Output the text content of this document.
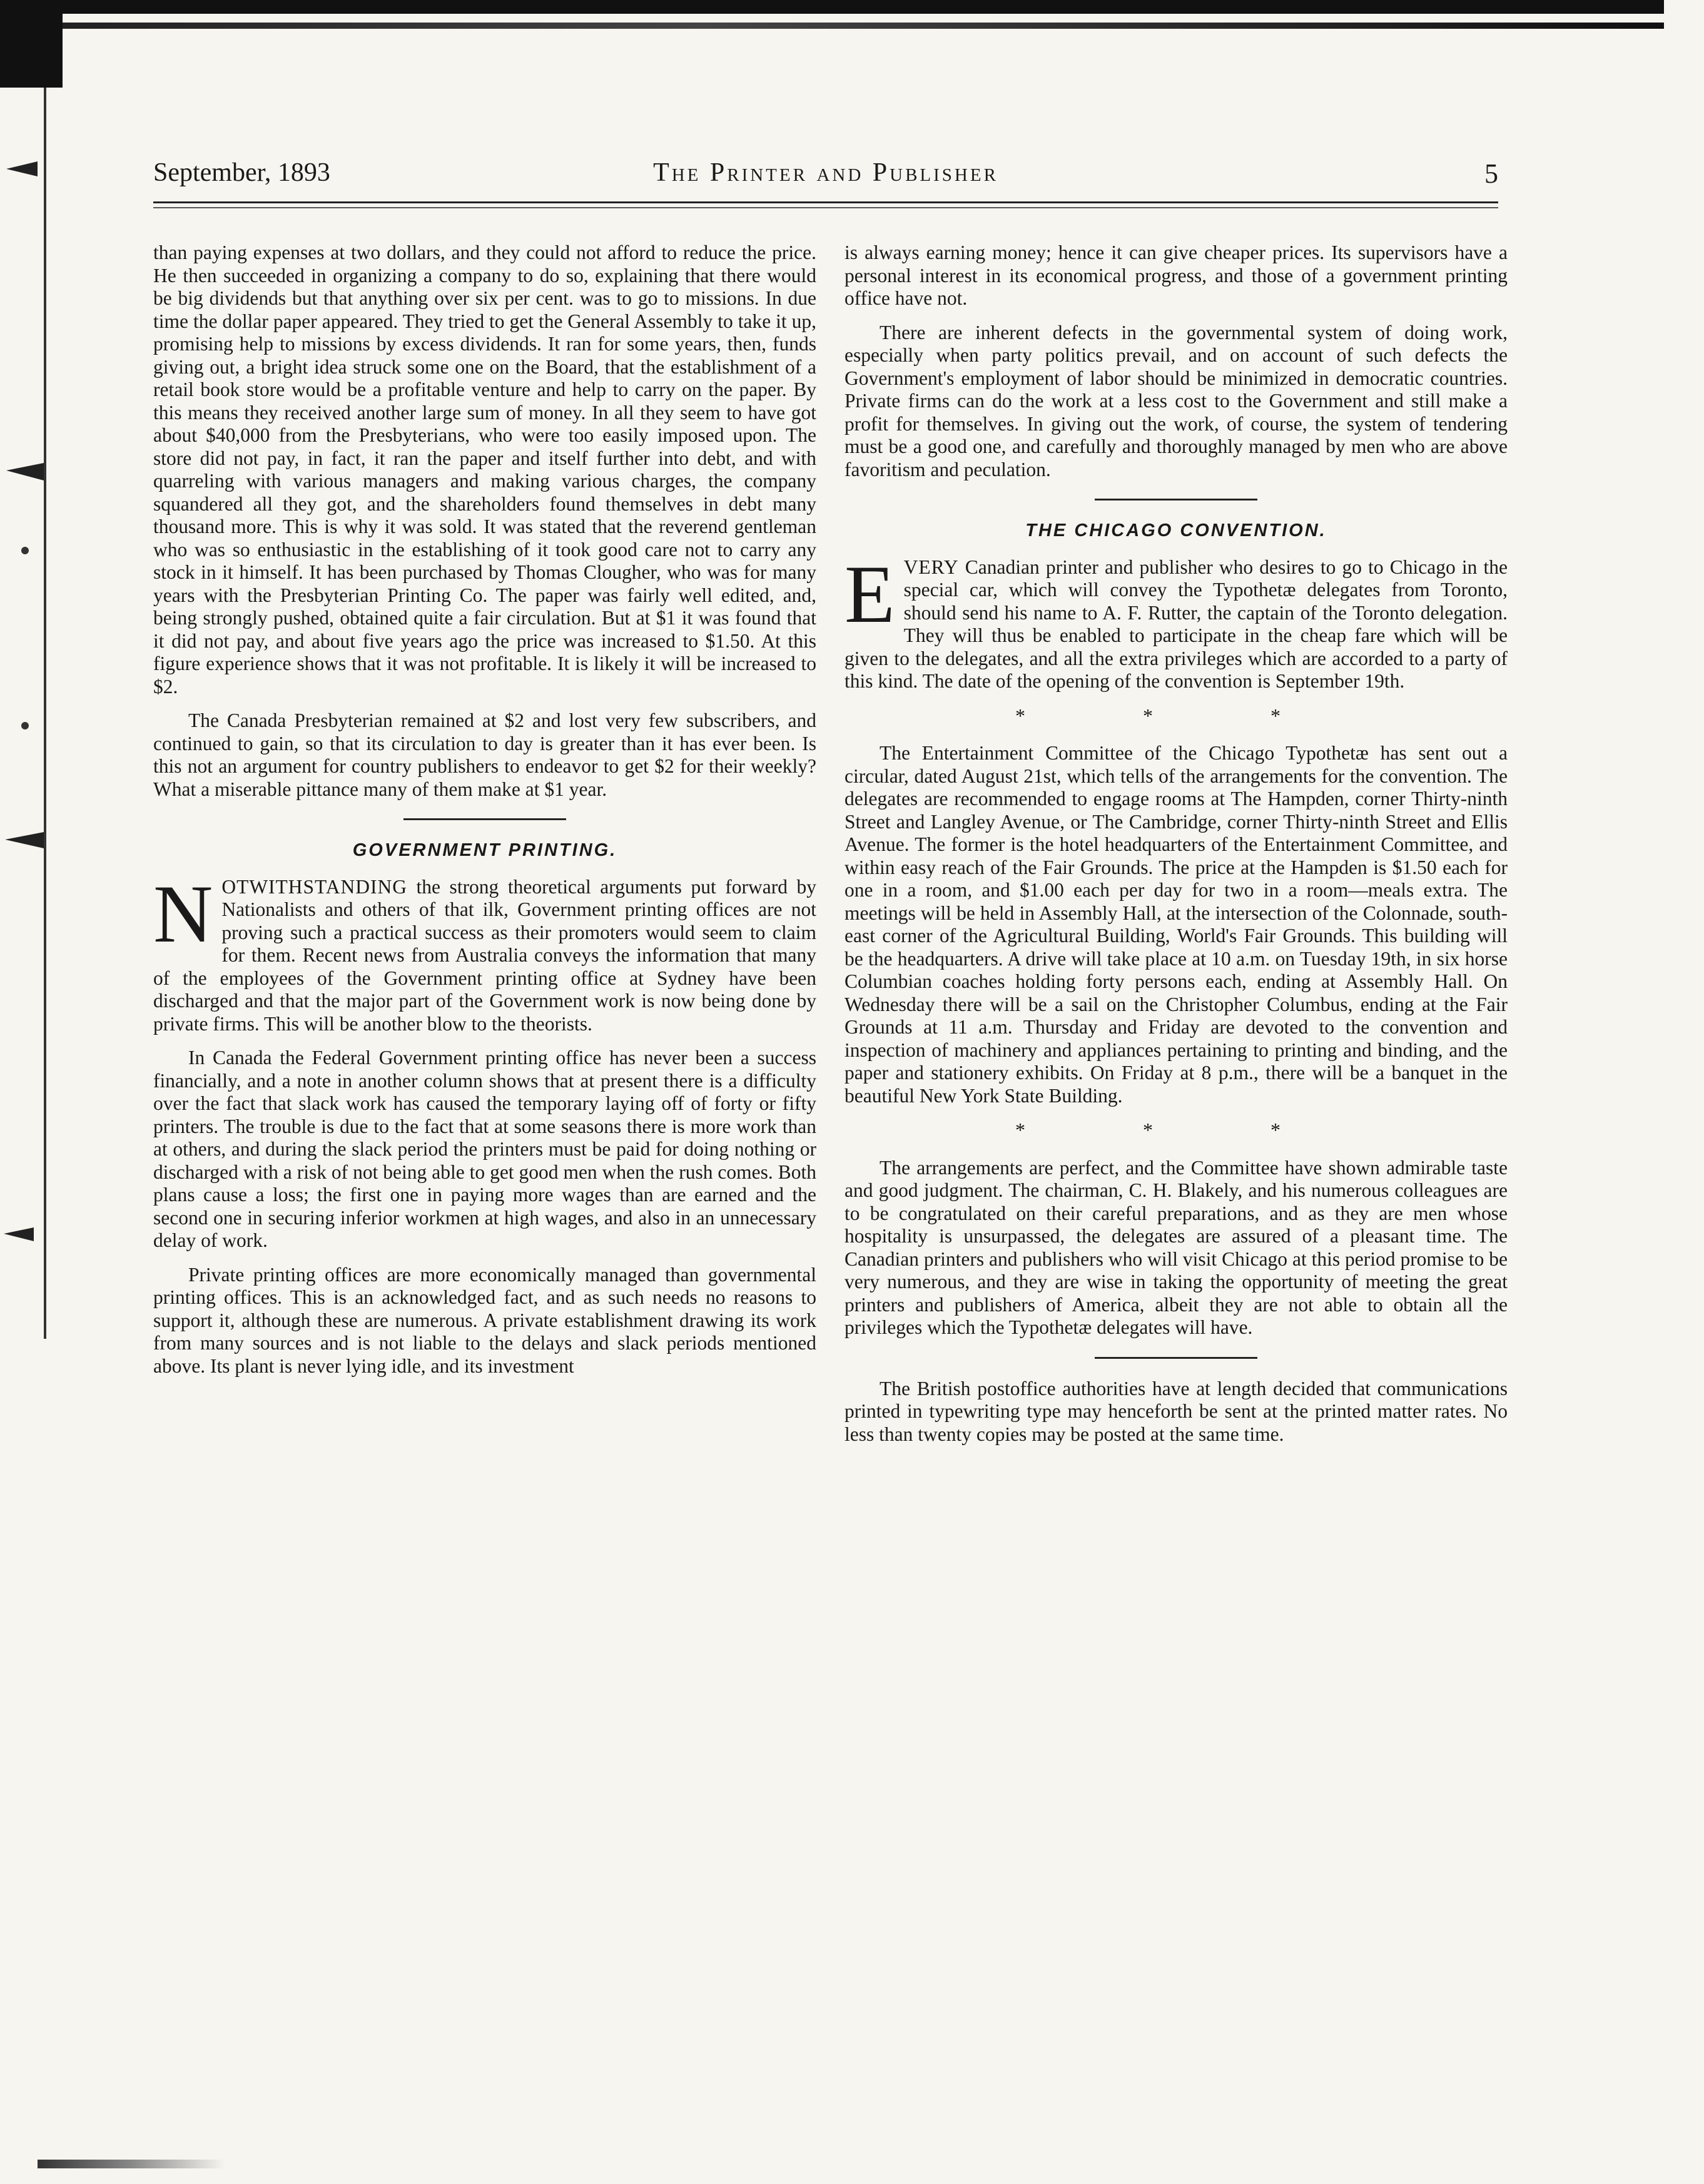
September, 1893	The Printer and Publisher	5

than paying expenses at two dollars, and they could not afford to reduce the price. He then succeeded in organizing a company to do so, explaining that there would be big dividends but that anything over six per cent. was to go to missions. In due time the dollar paper appeared. They tried to get the General Assembly to take it up, promising help to missions by excess dividends. It ran for some years, then, funds giving out, a bright idea struck some one on the Board, that the establishment of a retail book store would be a profitable venture and help to carry on the paper. By this means they received another large sum of money. In all they seem to have got about $40,000 from the Presbyterians, who were too easily imposed upon. The store did not pay, in fact, it ran the paper and itself further into debt, and with quarreling with various managers and making various charges, the company squandered all they got, and the shareholders found themselves in debt many thousand more. This is why it was sold. It was stated that the reverend gentleman who was so enthusiastic in the establishing of it took good care not to carry any stock in it himself. It has been purchased by Thomas Clougher, who was for many years with the Presbyterian Printing Co. The paper was fairly well edited, and, being strongly pushed, obtained quite a fair circulation. But at $1 it was found that it did not pay, and about five years ago the price was increased to $1.50. At this figure experience shows that it was not profitable. It is likely it will be increased to $2.

The Canada Presbyterian remained at $2 and lost very few subscribers, and continued to gain, so that its circulation to day is greater than it has ever been. Is this not an argument for country publishers to endeavor to get $2 for their weekly? What a miserable pittance many of them make at $1 year.

GOVERNMENT PRINTING.

NOTWITHSTANDING the strong theoretical arguments put forward by Nationalists and others of that ilk, Government printing offices are not proving such a practical success as their promoters would seem to claim for them. Recent news from Australia conveys the information that many of the employees of the Government printing office at Sydney have been discharged and that the major part of the Government work is now being done by private firms. This will be another blow to the theorists.

In Canada the Federal Government printing office has never been a success financially, and a note in another column shows that at present there is a difficulty over the fact that slack work has caused the temporary laying off of forty or fifty printers. The trouble is due to the fact that at some seasons there is more work than at others, and during the slack period the printers must be paid for doing nothing or discharged with a risk of not being able to get good men when the rush comes. Both plans cause a loss; the first one in paying more wages than are earned and the second one in securing inferior workmen at high wages, and also in an unnecessary delay of work.

Private printing offices are more economically managed than governmental printing offices. This is an acknowledged fact, and as such needs no reasons to support it, although these are numerous. A private establishment drawing its work from many sources and is not liable to the delays and slack periods mentioned above. Its plant is never lying idle, and its investment

is always earning money; hence it can give cheaper prices. Its supervisors have a personal interest in its economical progress, and those of a government printing office have not.

There are inherent defects in the governmental system of doing work, especially when party politics prevail, and on account of such defects the Government's employment of labor should be minimized in democratic countries. Private firms can do the work at a less cost to the Government and still make a profit for themselves. In giving out the work, of course, the system of tendering must be a good one, and carefully and thoroughly managed by men who are above favoritism and peculation.

THE CHICAGO CONVENTION.

EVERY Canadian printer and publisher who desires to go to Chicago in the special car, which will convey the Typothetæ delegates from Toronto, should send his name to A. F. Rutter, the captain of the Toronto delegation. They will thus be enabled to participate in the cheap fare which will be given to the delegates, and all the extra privileges which are accorded to a party of this kind. The date of the opening of the convention is September 19th.

* * *

The Entertainment Committee of the Chicago Typothetæ has sent out a circular, dated August 21st, which tells of the arrangements for the convention. The delegates are recommended to engage rooms at The Hampden, corner Thirty-ninth Street and Langley Avenue, or The Cambridge, corner Thirty-ninth Street and Ellis Avenue. The former is the hotel headquarters of the Entertainment Committee, and within easy reach of the Fair Grounds. The price at the Hampden is $1.50 each for one in a room, and $1.00 each per day for two in a room—meals extra. The meetings will be held in Assembly Hall, at the intersection of the Colonnade, south-east corner of the Agricultural Building, World's Fair Grounds. This building will be the headquarters. A drive will take place at 10 a.m. on Tuesday 19th, in six horse Columbian coaches holding forty persons each, ending at Assembly Hall. On Wednesday there will be a sail on the Christopher Columbus, ending at the Fair Grounds at 11 a.m. Thursday and Friday are devoted to the convention and inspection of machinery and appliances pertaining to printing and binding, and the paper and stationery exhibits. On Friday at 8 p.m., there will be a banquet in the beautiful New York State Building.

* * *

The arrangements are perfect, and the Committee have shown admirable taste and good judgment. The chairman, C. H. Blakely, and his numerous colleagues are to be congratulated on their careful preparations, and as they are men whose hospitality is unsurpassed, the delegates are assured of a pleasant time. The Canadian printers and publishers who will visit Chicago at this period promise to be very numerous, and they are wise in taking the opportunity of meeting the great printers and publishers of America, albeit they are not able to obtain all the privileges which the Typothetæ delegates will have.

The British postoffice authorities have at length decided that communications printed in typewriting type may henceforth be sent at the printed matter rates. No less than twenty copies may be posted at the same time.
